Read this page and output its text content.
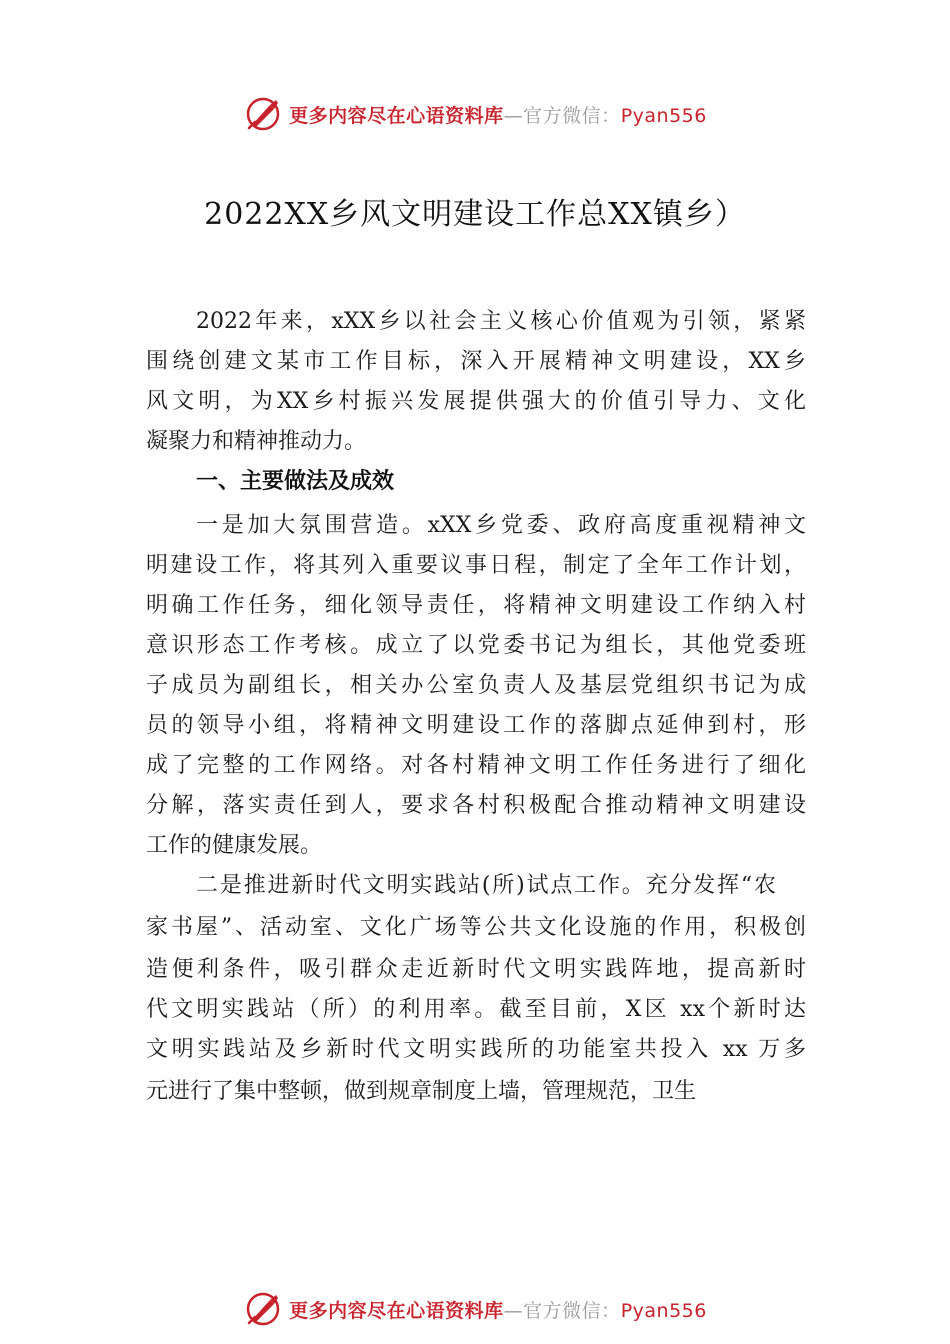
更多内容尽在心语资料库—官方微信：Pyan556
2022XX乡风文明建设工作总XX镇乡）
2022年来，xXX乡以社会主义核心价值观为引领，紧紧
围绕创建文某市工作目标，深入开展精神文明建设，XX乡
风文明，为XX乡村振兴发展提供强大的价值引导力、文化
凝聚力和精神推动力。
一、主要做法及成效
一是加大氛围营造。xXX乡党委、政府高度重视精神文
明建设工作，将其列入重要议事日程，制定了全年工作计划，
明确工作任务，细化领导责任，将精神文明建设工作纳入村
意识形态工作考核。成立了以党委书记为组长，其他党委班
子成员为副组长，相关办公室负责人及基层党组织书记为成
员的领导小组，将精神文明建设工作的落脚点延伸到村，形
成了完整的工作网络。对各村精神文明工作任务进行了细化
分解，落实责任到人，要求各村积极配合推动精神文明建设
工作的健康发展。
二是推进新时代文明实践站(所)试点工作。充分发挥“农
家书屋”、活动室、文化广场等公共文化设施的作用，积极创
造便利条件，吸引群众走近新时代文明实践阵地，提高新时
代文明实践站（所）的利用率。截至目前，X区 xx个新时达
文明实践站及乡新时代文明实践所的功能室共投入 xx 万多
元进行了集中整顿，做到规章制度上墙，管理规范，卫生
更多内容尽在心语资料库—官方微信：Pyan556
